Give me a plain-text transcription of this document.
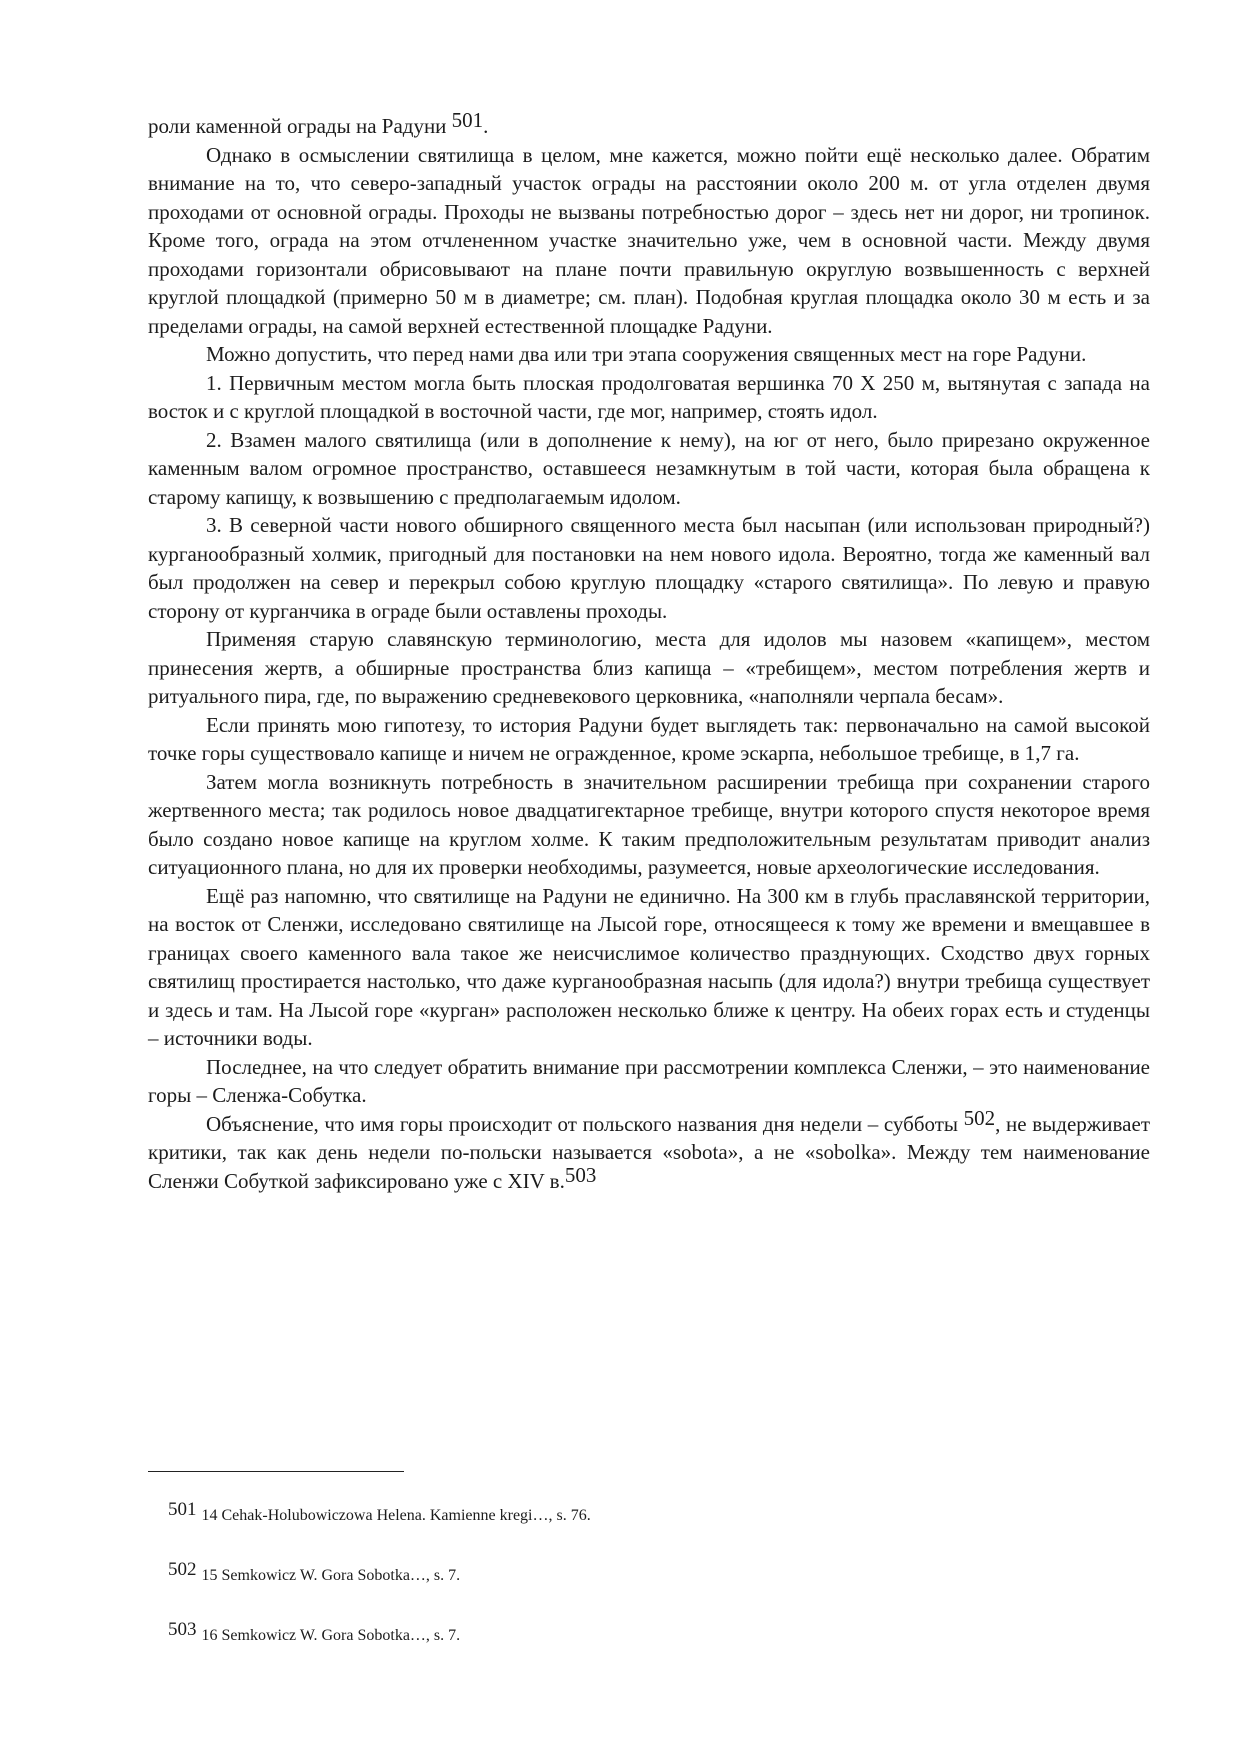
роли каменной ограды на Радуни $^{501}$.

Однако в осмыслении святилища в целом, мне кажется, можно пойти ещё несколько далее. Обратим внимание на то, что северо-западный участок ограды на расстоянии около 200 м. от угла отделен двумя проходами от основной ограды. Проходы не вызваны потребностью дорог – здесь нет ни дорог, ни тропинок. Кроме того, ограда на этом отчлененном участке значительно уже, чем в основной части. Между двумя проходами горизонтали обрисовывают на плане почти правильную округлую возвышенность с верхней круглой площадкой (примерно 50 м в диаметре; см. план). Подобная круглая площадка около 30 м есть и за пределами ограды, на самой верхней естественной площадке Радуни.

Можно допустить, что перед нами два или три этапа сооружения священных мест на горе Радуни.

1. Первичным местом могла быть плоская продолговатая вершинка 70 X 250 м, вытянутая с запада на восток и с круглой площадкой в восточной части, где мог, например, стоять идол.

2. Взамен малого святилища (или в дополнение к нему), на юг от него, было прирезано окруженное каменным валом огромное пространство, оставшееся незамкнутым в той части, которая была обращена к старому капищу, к возвышению с предполагаемым идолом.

3. В северной части нового обширного священного места был насыпан (или использован природный?) курганообразный холмик, пригодный для постановки на нем нового идола. Вероятно, тогда же каменный вал был продолжен на север и перекрыл собою круглую площадку «старого святилища». По левую и правую сторону от курганчика в ограде были оставлены проходы.

Применяя старую славянскую терминологию, места для идолов мы назовем «капищем», местом принесения жертв, а обширные пространства близ капища – «требищем», местом потребления жертв и ритуального пира, где, по выражению средневекового церковника, «наполняли черпала бесам».

Если принять мою гипотезу, то история Радуни будет выглядеть так: первоначально на самой высокой точке горы существовало капище и ничем не огражденное, кроме эскарпа, небольшое требище, в 1,7 га.

Затем могла возникнуть потребность в значительном расширении требища при сохранении старого жертвенного места; так родилось новое двадцатигектарное требище, внутри которого спустя некоторое время было создано новое капище на круглом холме. К таким предположительным результатам приводит анализ ситуационного плана, но для их проверки необходимы, разумеется, новые археологические исследования.

Ещё раз напомню, что святилище на Радуни не единично. На 300 км в глубь праславянской территории, на восток от Сленжи, исследовано святилище на Лысой горе, относящееся к тому же времени и вмещавшее в границах своего каменного вала такое же неисчислимое количество празднующих. Сходство двух горных святилищ простирается настолько, что даже курганообразная насыпь (для идола?) внутри требища существует и здесь и там. На Лысой горе «курган» расположен несколько ближе к центру. На обеих горах есть и студенцы – источники воды.

Последнее, на что следует обратить внимание при рассмотрении комплекса Сленжи, – это наименование горы – Сленжа-Собутка.

Объяснение, что имя горы происходит от польского названия дня недели – субботы $^{502}$, не выдерживает критики, так как день недели по-польски называется «sobota», а не «sobolka». Между тем наименование Сленжи Собуткой зафиксировано уже с XIV в.$^{503}$

501 14 Cehak-Holubowiczowa Helena. Kamienne kregi…, s. 76.

502 15 Semkowicz W. Gora Sobotka…, s. 7.

503 16 Semkowicz W. Gora Sobotka…, s. 7.
